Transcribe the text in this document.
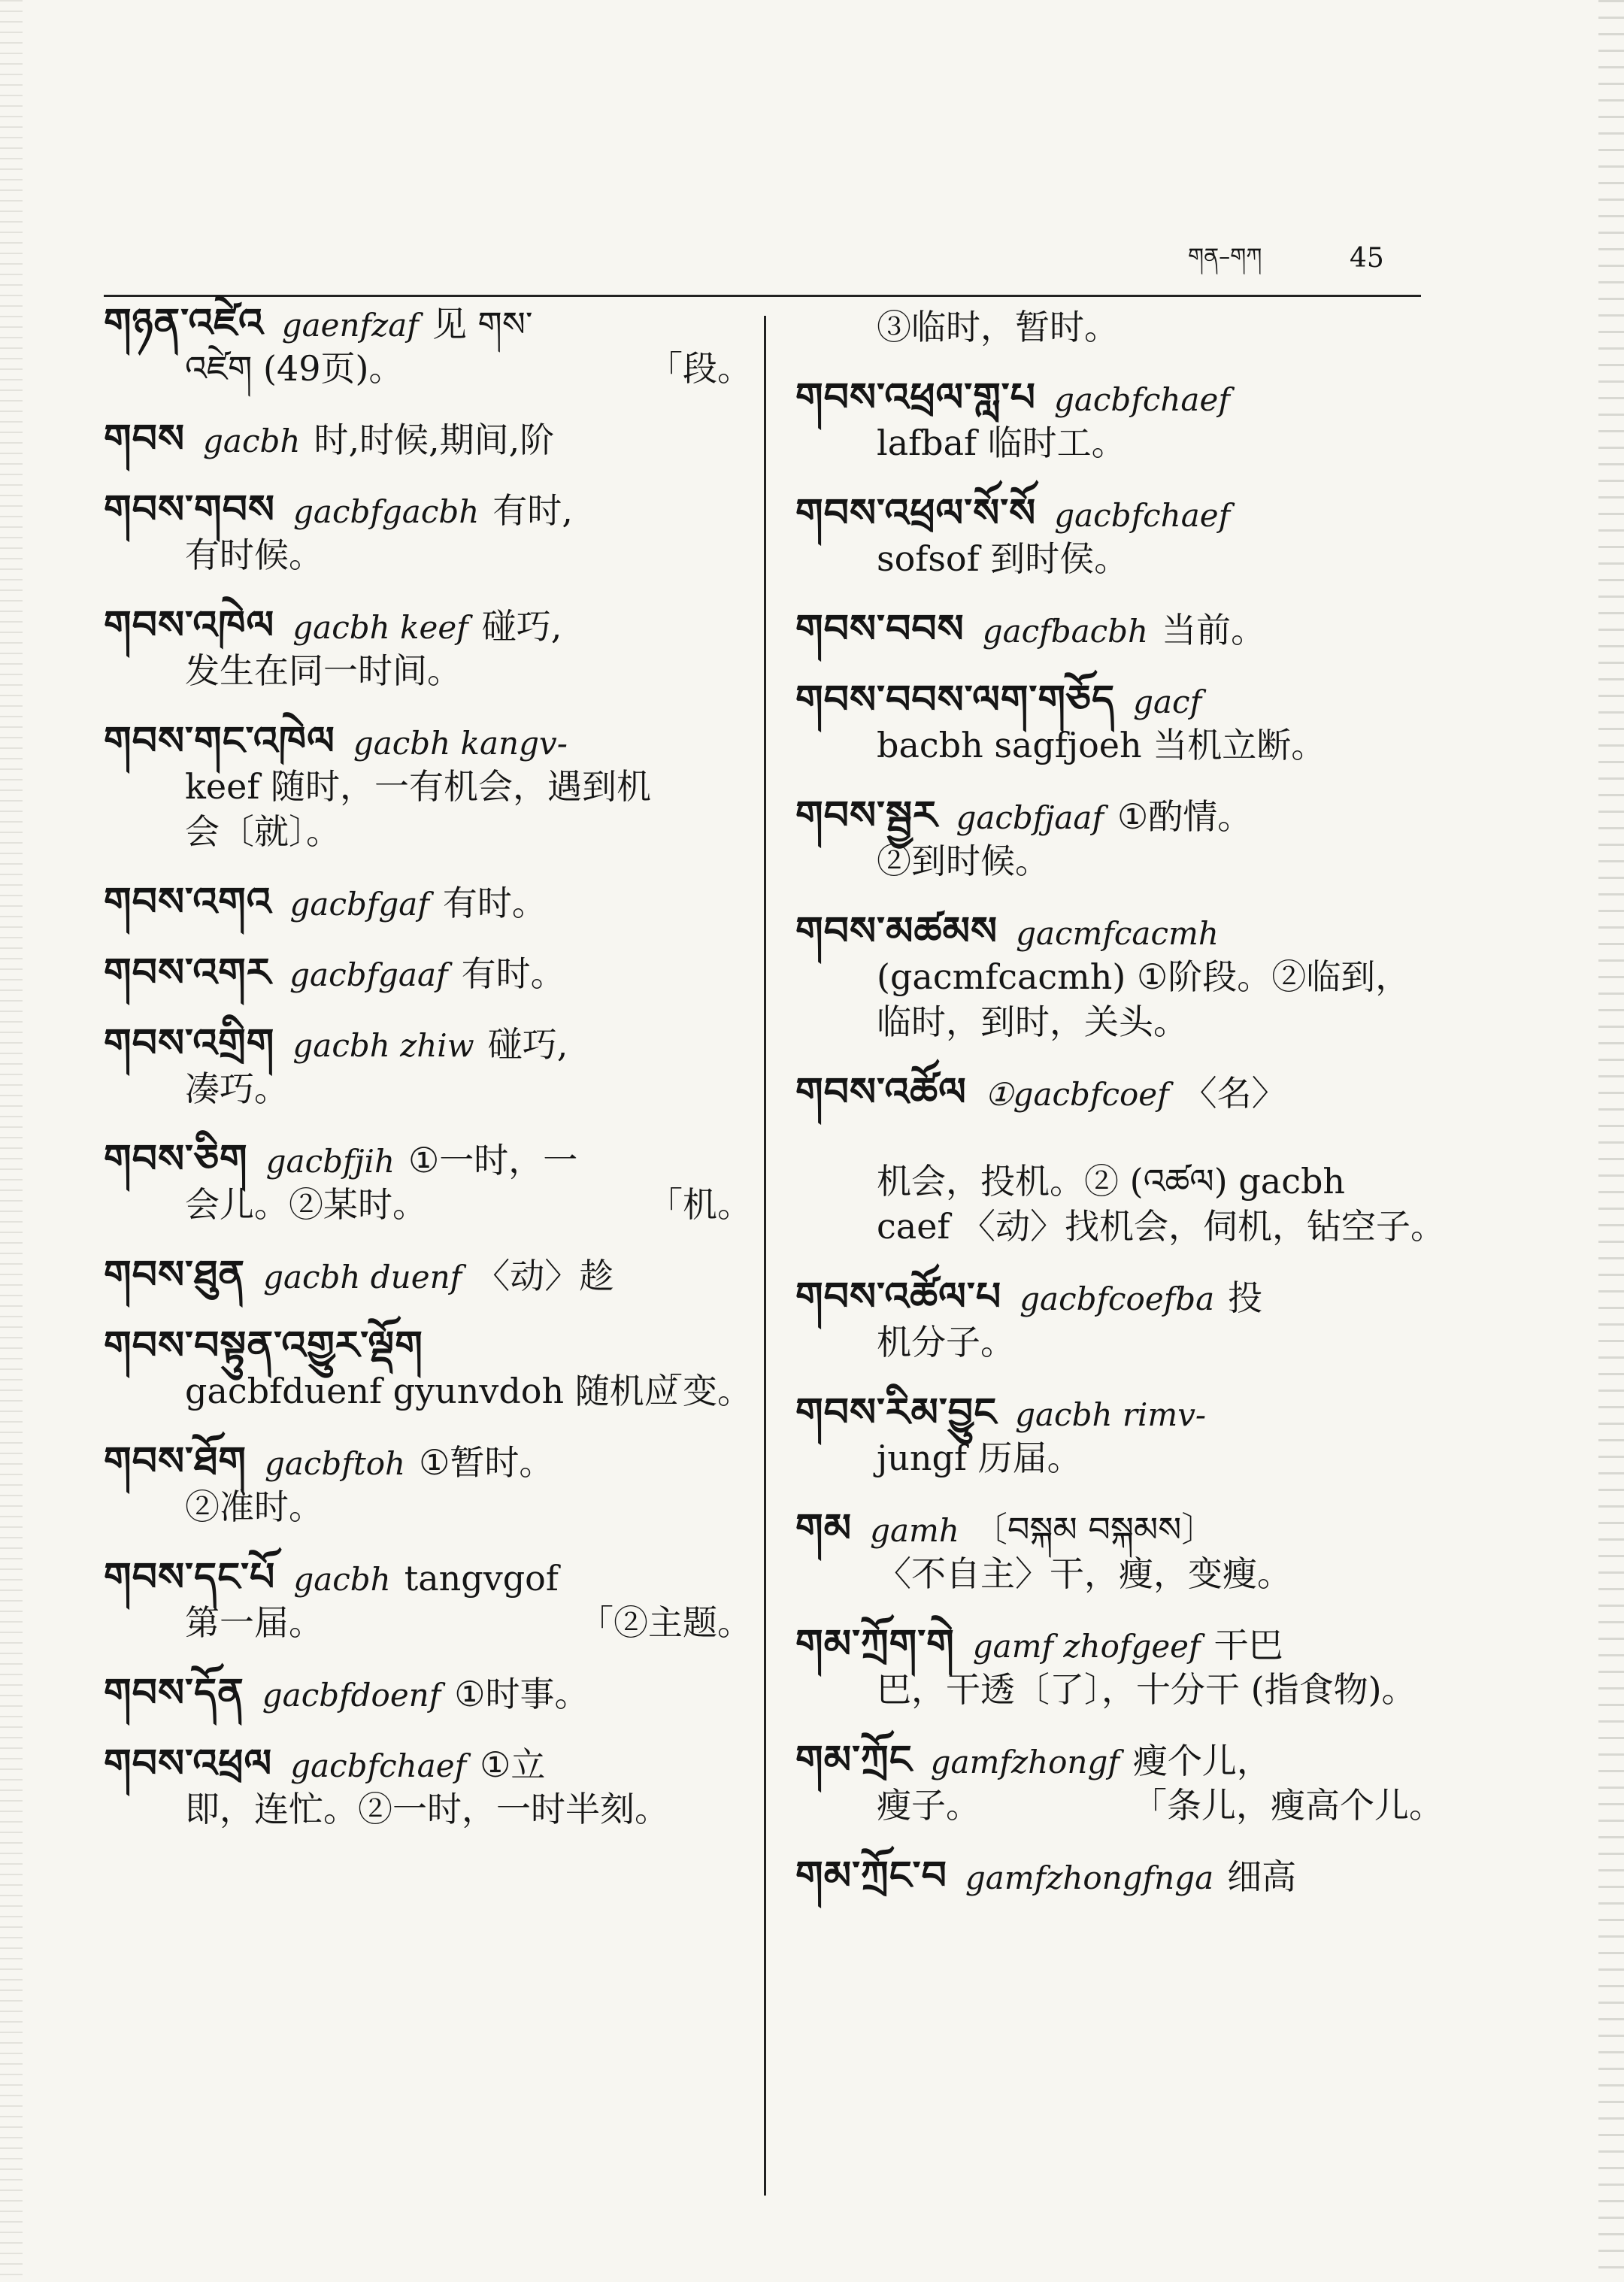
གན–གཀ	45
གཉན་འཛེའ gaenfzaf 见 གས་
འཛེག (49页)。	「段。
གབས gacbh 时,时候,期间,阶
གབས་གབས gacbfgacbh 有时,
有时候。
གབས་འཁེལ gacbh keef 碰巧,
发生在同一时间。
གབས་གང་འཁེལ gacbh kangv-
keef 随时，一有机会，遇到机
会〔就〕。
གབས་འགའ gacbfgaf 有时。
གབས་འགར gacbfgaaf 有时。
གབས་འགྲིག gacbh zhiw 碰巧,
凑巧。
གབས་ཅིག gacbfjih ①一时，一
会儿。②某时。	「机。
གབས་ཐུན gacbh duenf 〈动〉趁
གབས་བསྟུན་འགྱུར་ལྡོག
gacbfduenf gyunvdoh 随机应
「变。
གབས་ཐོག gacbftoh ①暂时。
②准时。
གབས་དང་པོ gacbh tangvgof
第一届。	「②主题。
གབས་དོན gacbfdoenf ①时事。
གབས་འཕྲལ gacbfchaef ①立
即，连忙。②一时，一时半刻。
③临时，暂时。
གབས་འཕྲལ་གླ་པ gacbfchaef
lafbaf 临时工。
གབས་འཕྲལ་སོ་སོ gacbfchaef
sofsof 到时侯。
གབས་བབས gacfbacbh 当前。
གབས་བབས་ལག་གཅོད gacf
bacbh sagfjoeh 当机立断。
གབས་སྦྱར gacbfjaaf ①酌情。
②到时候。
གབས་མཚམས gacmfcacmh
(gacmfcacmh) ①阶段。②临到，
临时，到时，关头。
གབས་འཚོལ ①gacbfcoef 〈名〉
机会，投机。② (འཚལ) gacbh
caef 〈动〉找机会，伺机，钻空子。
གབས་འཚོལ་པ gacbfcoefba 投
机分子。
གབས་རིམ་བྱུང gacbh rimv-
jungf 历届。
གམ gamh 〔བསྐམ བསྐམས〕
〈不自主〉干，瘦，变瘦。
གམ་ཀྲོག་གེ gamf zhofgeef 干巴
巴，干透〔了〕，十分干 (指食物)。
གམ་ཀྲོང gamfzhongf 瘦个儿，
瘦子。	「条儿，瘦高个儿。
གམ་ཀྲོང་བ gamfzhongfnga 细高
